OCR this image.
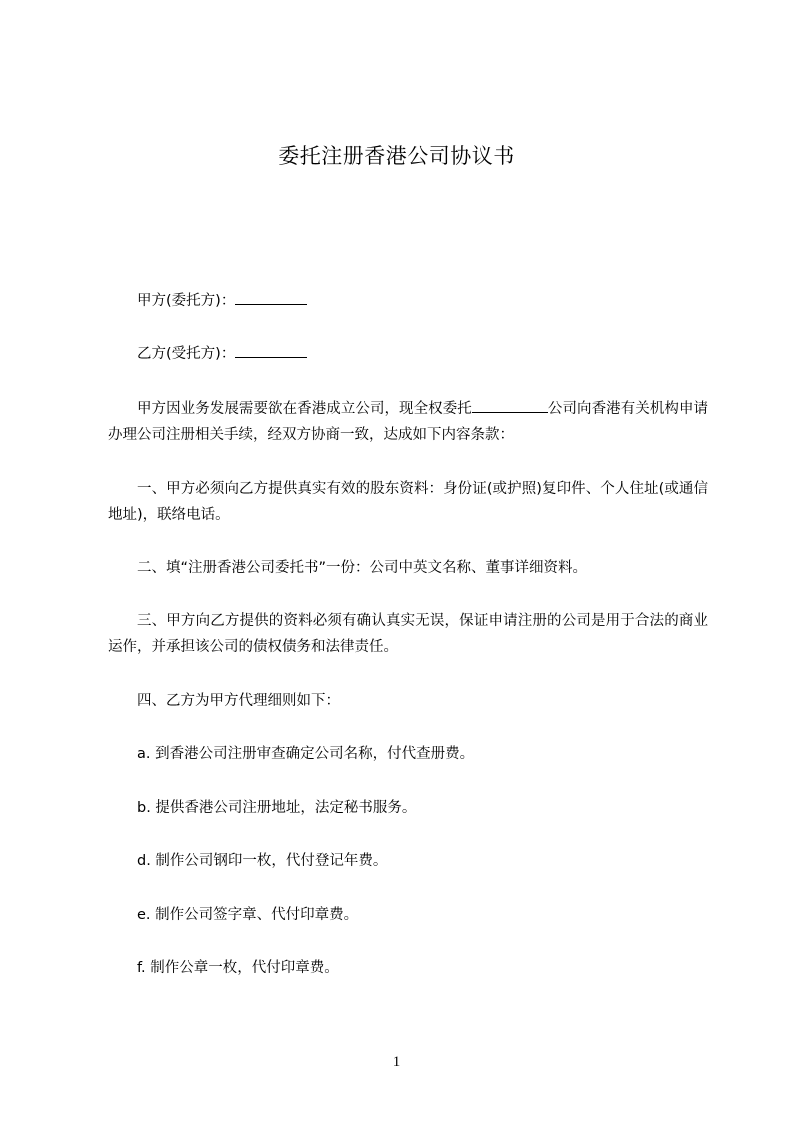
委托注册香港公司协议书
甲方(委托方)：
乙方(受托方)：
甲方因业务发展需要欲在香港成立公司，现全权委托	公司向香港有关机构申请办理公司注册相关手续，经双方协商一致，达成如下内容条款：
一、甲方必须向乙方提供真实有效的股东资料：身份证(或护照)复印件、个人住址(或通信地址)，联络电话。
二、填“注册香港公司委托书”一份：公司中英文名称、董事详细资料。
三、甲方向乙方提供的资料必须有确认真实无误，保证申请注册的公司是用于合法的商业运作，并承担该公司的债权债务和法律责任。
四、乙方为甲方代理细则如下：
a. 到香港公司注册审查确定公司名称，付代查册费。
b. 提供香港公司注册地址，法定秘书服务。
d. 制作公司钢印一枚，代付登记年费。
e. 制作公司签字章、代付印章费。
f. 制作公章一枚，代付印章费。
1
